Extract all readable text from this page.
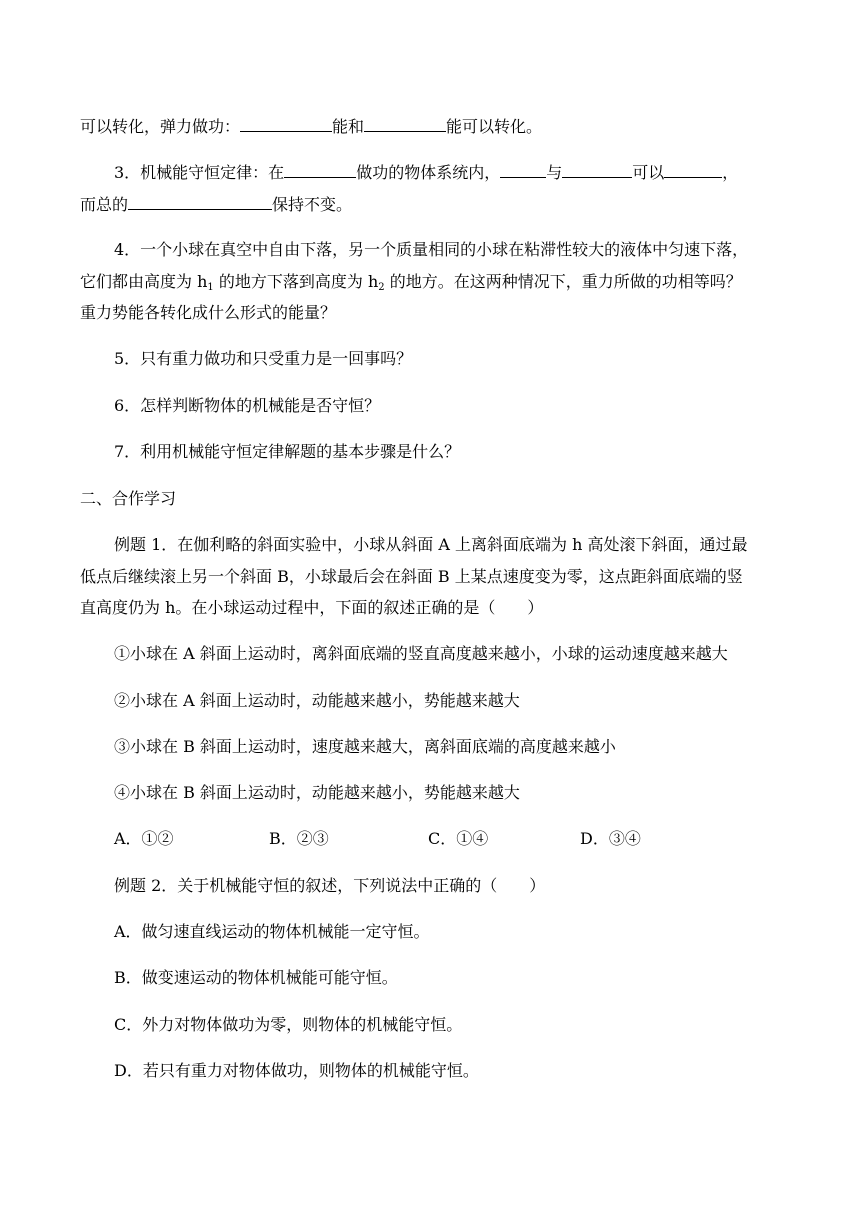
可以转化，弹力做功：	能和	能可以转化。
3．机械能守恒定律：在	做功的物体系统内，	与	可以	，
而总的	保持不变。
4．一个小球在真空中自由下落，另一个质量相同的小球在粘滞性较大的液体中匀速下落，
它们都由高度为 $h_1$ 的地方下落到高度为 $h_2$ 的地方。在这两种情况下，重力所做的功相等吗？
重力势能各转化成什么形式的能量？
5．只有重力做功和只受重力是一回事吗？
6．怎样判断物体的机械能是否守恒？
7．利用机械能守恒定律解题的基本步骤是什么？
二、合作学习
例题 1．在伽利略的斜面实验中，小球从斜面 A 上离斜面底端为 h 高处滚下斜面，通过最
低点后继续滚上另一个斜面 B，小球最后会在斜面 B 上某点速度变为零，这点距斜面底端的竖
直高度仍为 h。在小球运动过程中，下面的叙述正确的是（　　）
①小球在 A 斜面上运动时，离斜面底端的竖直高度越来越小，小球的运动速度越来越大
②小球在 A 斜面上运动时，动能越来越小，势能越来越大
③小球在 B 斜面上运动时，速度越来越大，离斜面底端的高度越来越小
④小球在 B 斜面上运动时，动能越来越小，势能越来越大
A．①②	B．②③	C．①④	D．③④
例题 2．关于机械能守恒的叙述，下列说法中正确的（　　）
A．做匀速直线运动的物体机械能一定守恒。
B．做变速运动的物体机械能可能守恒。
C．外力对物体做功为零，则物体的机械能守恒。
D．若只有重力对物体做功，则物体的机械能守恒。
